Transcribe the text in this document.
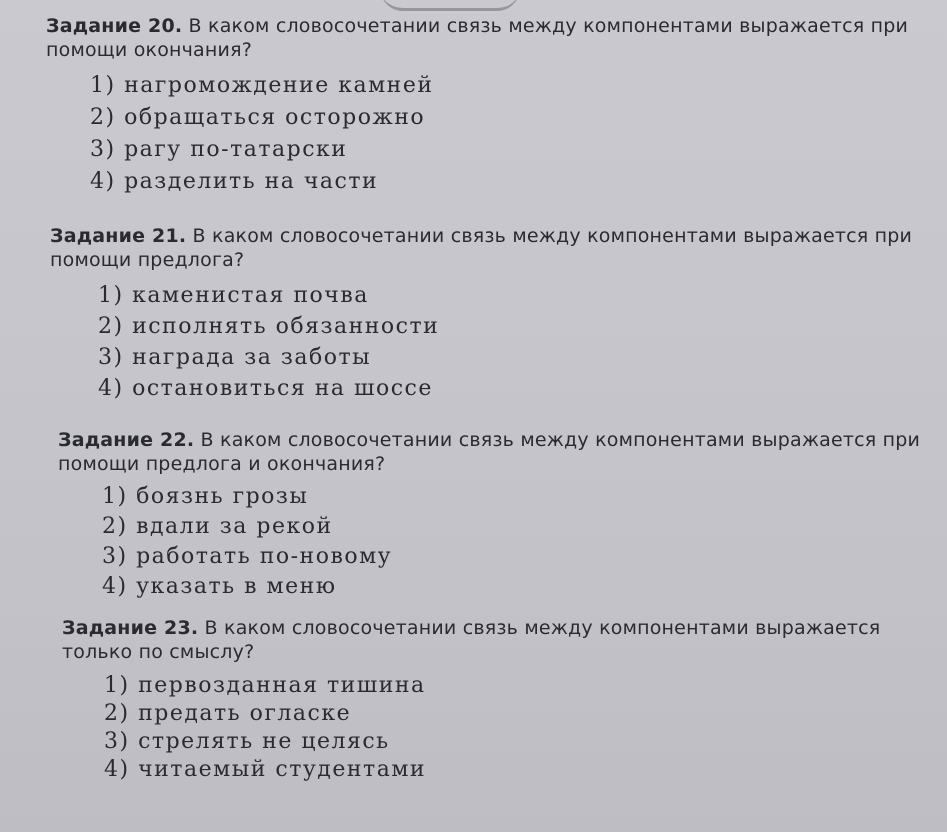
Задание 20. В каком словосочетании связь между компонентами выражается при помощи окончания?

1) нагромождение камней
2) обращаться осторожно
3) рагу по-татарски
4) разделить на части

Задание 21. В каком словосочетании связь между компонентами выражается при помощи предлога?

1) каменистая почва
2) исполнять обязанности
3) награда за заботы
4) остановиться на шоссе

Задание 22. В каком словосочетании связь между компонентами выражается при помощи предлога и окончания?

1) боязнь грозы
2) вдали за рекой
3) работать по-новому
4) указать в меню

Задание 23. В каком словосочетании связь между компонентами выражается только по смыслу?

1) первозданная тишина
2) предать огласке
3) стрелять не целясь
4) читаемый студентами
